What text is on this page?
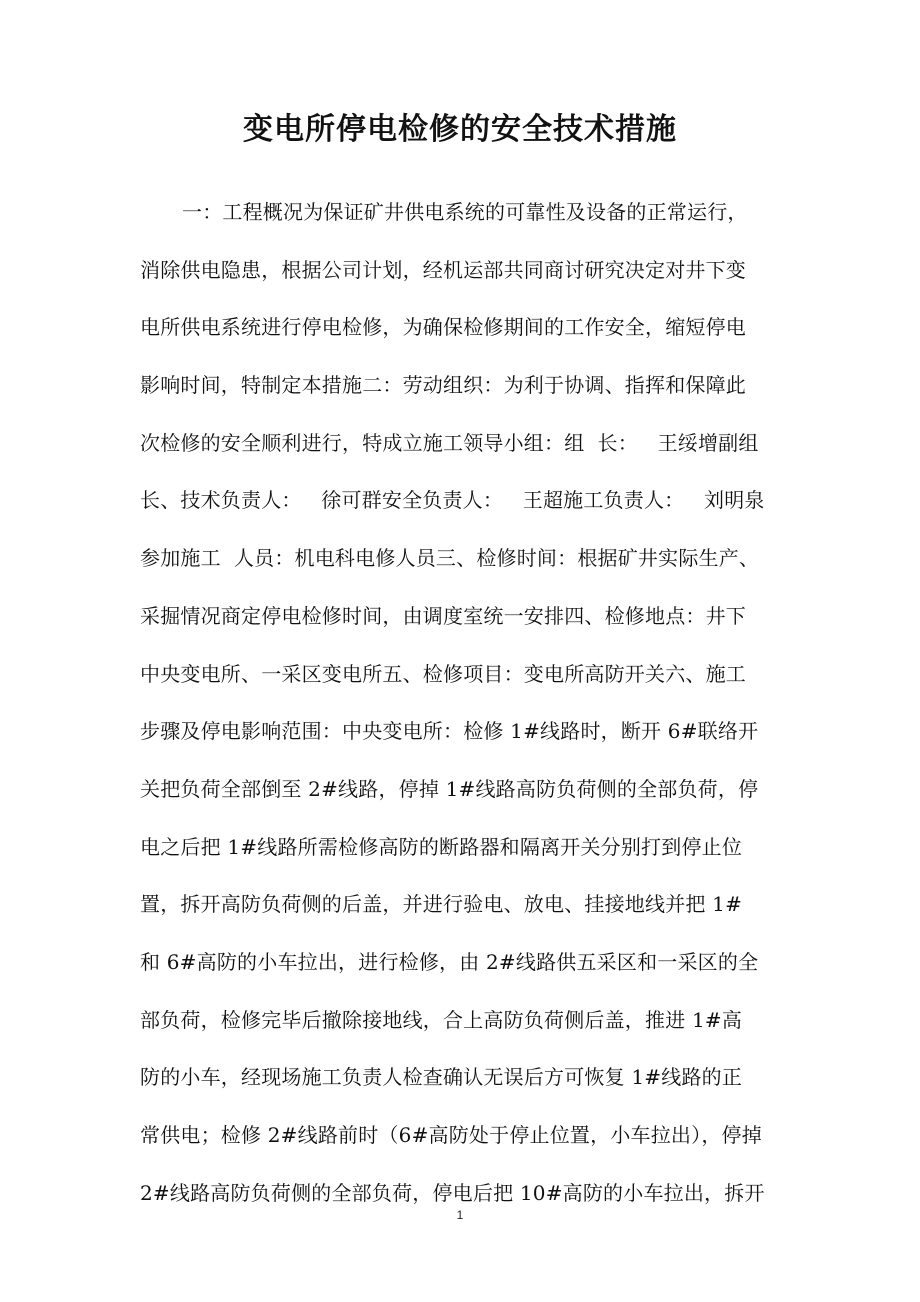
变电所停电检修的安全技术措施
一：工程概况为保证矿井供电系统的可靠性及设备的正常运行，
消除供电隐患，根据公司计划，经机运部共同商讨研究决定对井下变
电所供电系统进行停电检修，为确保检修期间的工作安全，缩短停电
影响时间，特制定本措施二：劳动组织：为利于协调、指挥和保障此
次检修的安全顺利进行，特成立施工领导小组：组  长：   王绥增副组
长、技术负责人：   徐可群安全负责人：   王超施工负责人：   刘明泉
参加施工  人员：机电科电修人员三、检修时间：根据矿井实际生产、
采掘情况商定停电检修时间，由调度室统一安排四、检修地点：井下
中央变电所、一采区变电所五、检修项目：变电所高防开关六、施工
步骤及停电影响范围：中央变电所：检修 1#线路时，断开 6#联络开
关把负荷全部倒至 2#线路，停掉 1#线路高防负荷侧的全部负荷，停
电之后把 1#线路所需检修高防的断路器和隔离开关分别打到停止位
置，拆开高防负荷侧的后盖，并进行验电、放电、挂接地线并把 1#
和 6#高防的小车拉出，进行检修，由 2#线路供五采区和一采区的全
部负荷，检修完毕后撤除接地线，合上高防负荷侧后盖，推进 1#高
防的小车，经现场施工负责人检查确认无误后方可恢复 1#线路的正
常供电；检修 2#线路前时（6#高防处于停止位置，小车拉出），停掉
2#线路高防负荷侧的全部负荷，停电后把 10#高防的小车拉出，拆开
1
